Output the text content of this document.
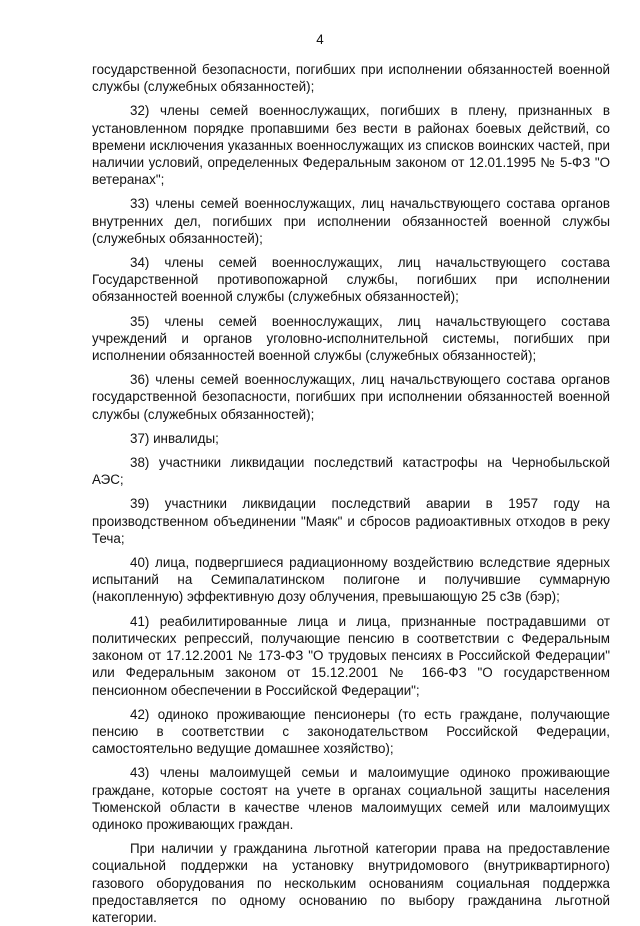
4

государственной безопасности, погибших при исполнении обязанностей военной службы (служебных обязанностей);

32) члены семей военнослужащих, погибших в плену, признанных в установленном порядке пропавшими без вести в районах боевых действий, со времени исключения указанных военнослужащих из списков воинских частей, при наличии условий, определенных Федеральным законом от 12.01.1995 № 5-ФЗ "О ветеранах";

33) члены семей военнослужащих, лиц начальствующего состава органов внутренних дел, погибших при исполнении обязанностей военной службы (служебных обязанностей);

34) члены семей военнослужащих, лиц начальствующего состава Государственной противопожарной службы, погибших при исполнении обязанностей военной службы (служебных обязанностей);

35) члены семей военнослужащих, лиц начальствующего состава учреждений и органов уголовно-исполнительной системы, погибших при исполнении обязанностей военной службы (служебных обязанностей);

36) члены семей военнослужащих, лиц начальствующего состава органов государственной безопасности, погибших при исполнении обязанностей военной службы (служебных обязанностей);

37) инвалиды;

38) участники ликвидации последствий катастрофы на Чернобыльской АЭС;

39) участники ликвидации последствий аварии в 1957 году на производственном объединении "Маяк" и сбросов радиоактивных отходов в реку Теча;

40) лица, подвергшиеся радиационному воздействию вследствие ядерных испытаний на Семипалатинском полигоне и получившие суммарную (накопленную) эффективную дозу облучения, превышающую 25 сЗв (бэр);

41) реабилитированные лица и лица, признанные пострадавшими от политических репрессий, получающие пенсию в соответствии с Федеральным законом от 17.12.2001 № 173-ФЗ "О трудовых пенсиях в Российской Федерации" или Федеральным законом от 15.12.2001 № 166-ФЗ "О государственном пенсионном обеспечении в Российской Федерации";

42) одиноко проживающие пенсионеры (то есть граждане, получающие пенсию в соответствии с законодательством Российской Федерации, самостоятельно ведущие домашнее хозяйство);

43) члены малоимущей семьи и малоимущие одиноко проживающие граждане, которые состоят на учете в органах социальной защиты населения Тюменской области в качестве членов малоимущих семей или малоимущих одиноко проживающих граждан.

При наличии у гражданина льготной категории права на предоставление социальной поддержки на установку внутридомового (внутриквартирного) газового оборудования по нескольким основаниям социальная поддержка предоставляется по одному основанию по выбору гражданина льготной категории.
